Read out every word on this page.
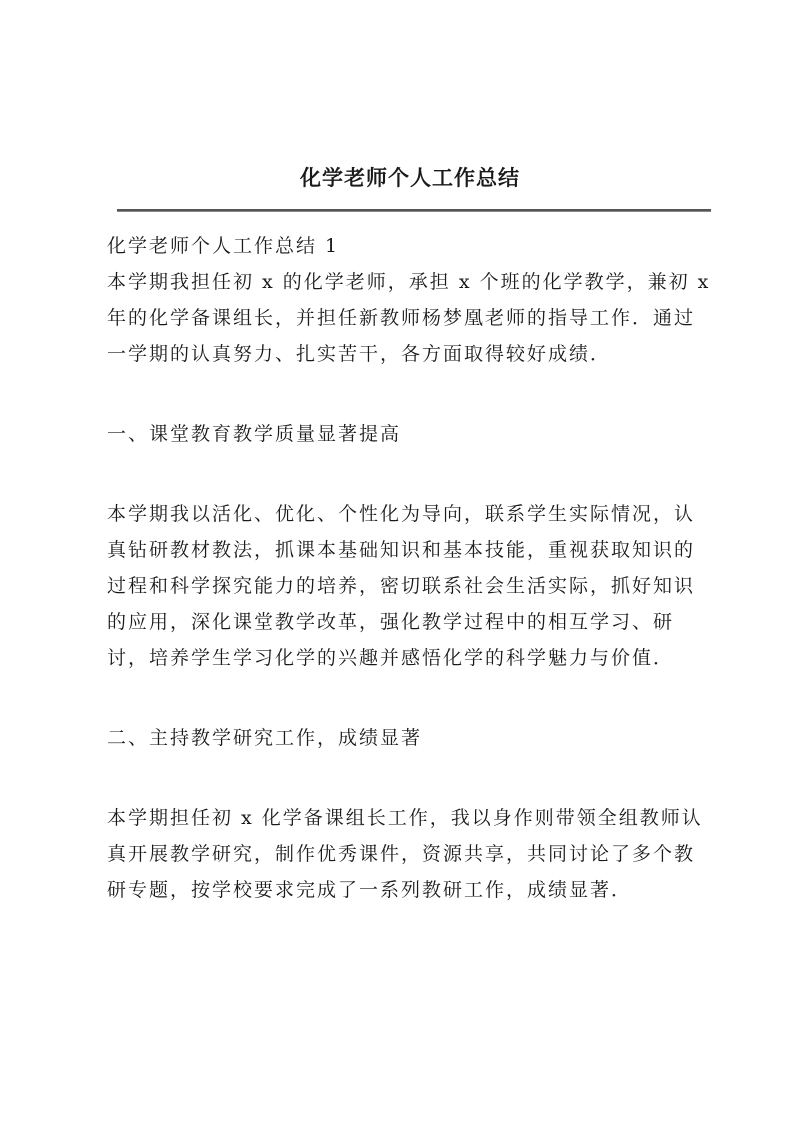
化学老师个人工作总结

化学老师个人工作总结 1

本学期我担任初 x 的化学老师，承担 x 个班的化学教学，兼初 x

年的化学备课组长，并担任新教师杨梦凰老师的指导工作．通过

一学期的认真努力、扎实苦干，各方面取得较好成绩．

一、课堂教育教学质量显著提高

本学期我以活化、优化、个性化为导向，联系学生实际情况，认

真钻研教材教法，抓课本基础知识和基本技能，重视获取知识的

过程和科学探究能力的培养，密切联系社会生活实际，抓好知识

的应用，深化课堂教学改革，强化教学过程中的相互学习、研

讨，培养学生学习化学的兴趣并感悟化学的科学魅力与价值．

二、主持教学研究工作，成绩显著

本学期担任初 x 化学备课组长工作，我以身作则带领全组教师认

真开展教学研究，制作优秀课件，资源共享，共同讨论了多个教

研专题，按学校要求完成了一系列教研工作，成绩显著．
